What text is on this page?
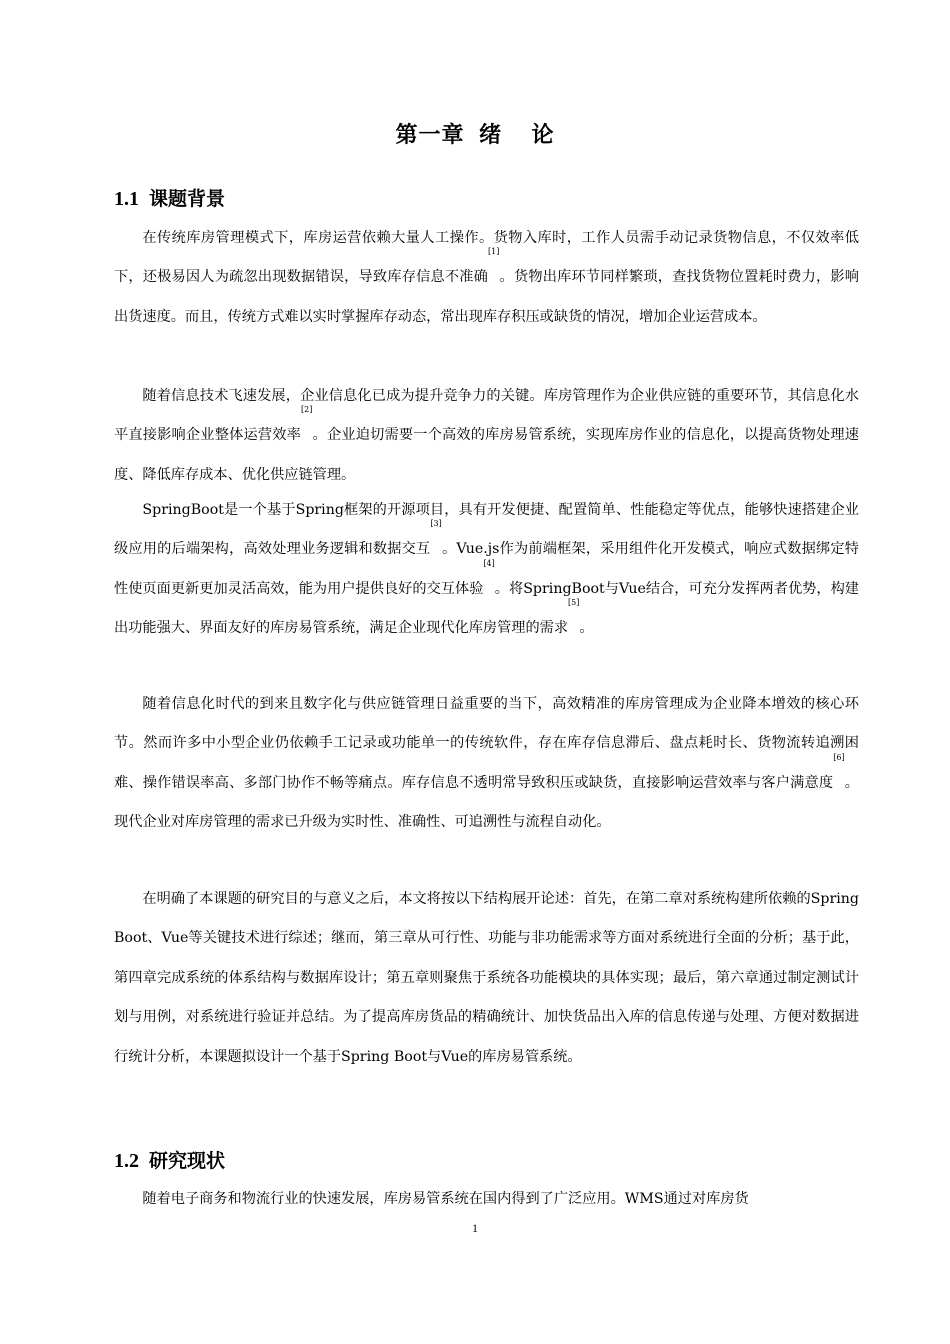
第一章 绪  论
1.1 课题背景

在传统库房管理模式下，库房运营依赖大量人工操作。货物入库时，工作人员需手动记录货物信息，不仅效率低下，还极易因人为疏忽出现数据错误，导致库存信息不准确[1]。货物出库环节同样繁琐，查找货物位置耗时费力，影响出货速度。而且，传统方式难以实时掌握库存动态，常出现库存积压或缺货的情况，增加企业运营成本。

随着信息技术飞速发展，企业信息化已成为提升竞争力的关键。库房管理作为企业供应链的重要环节，其信息化水平直接影响企业整体运营效率[2]。企业迫切需要一个高效的库房易管系统，实现库房作业的信息化，以提高货物处理速度、降低库存成本、优化供应链管理。

SpringBoot是一个基于Spring框架的开源项目，具有开发便捷、配置简单、性能稳定等优点，能够快速搭建企业级应用的后端架构，高效处理业务逻辑和数据交互[3]。Vue.js作为前端框架，采用组件化开发模式，响应式数据绑定特性使页面更新更加灵活高效，能为用户提供良好的交互体验[4]。将SpringBoot与Vue结合，可充分发挥两者优势，构建出功能强大、界面友好的库房易管系统，满足企业现代化库房管理的需求[5]。

随着信息化时代的到来且数字化与供应链管理日益重要的当下，高效精准的库房管理成为企业降本增效的核心环节。然而许多中小型企业仍依赖手工记录或功能单一的传统软件，存在库存信息滞后、盘点耗时长、货物流转追溯困难、操作错误率高、多部门协作不畅等痛点。库存信息不透明常导致积压或缺货，直接影响运营效率与客户满意度[6]。现代企业对库房管理的需求已升级为实时性、准确性、可追溯性与流程自动化。

在明确了本课题的研究目的与意义之后，本文将按以下结构展开论述：首先，在第二章对系统构建所依赖的Spring Boot、Vue等关键技术进行综述；继而，第三章从可行性、功能与非功能需求等方面对系统进行全面的分析；基于此，第四章完成系统的体系结构与数据库设计；第五章则聚焦于系统各功能模块的具体实现；最后，第六章通过制定测试计划与用例，对系统进行验证并总结。为了提高库房货品的精确统计、加快货品出入库的信息传递与处理、方便对数据进行统计分析，本课题拟设计一个基于Spring Boot与Vue的库房易管系统。

1.2 研究现状

随着电子商务和物流行业的快速发展，库房易管系统在国内得到了广泛应用。WMS通过对库房货

1
